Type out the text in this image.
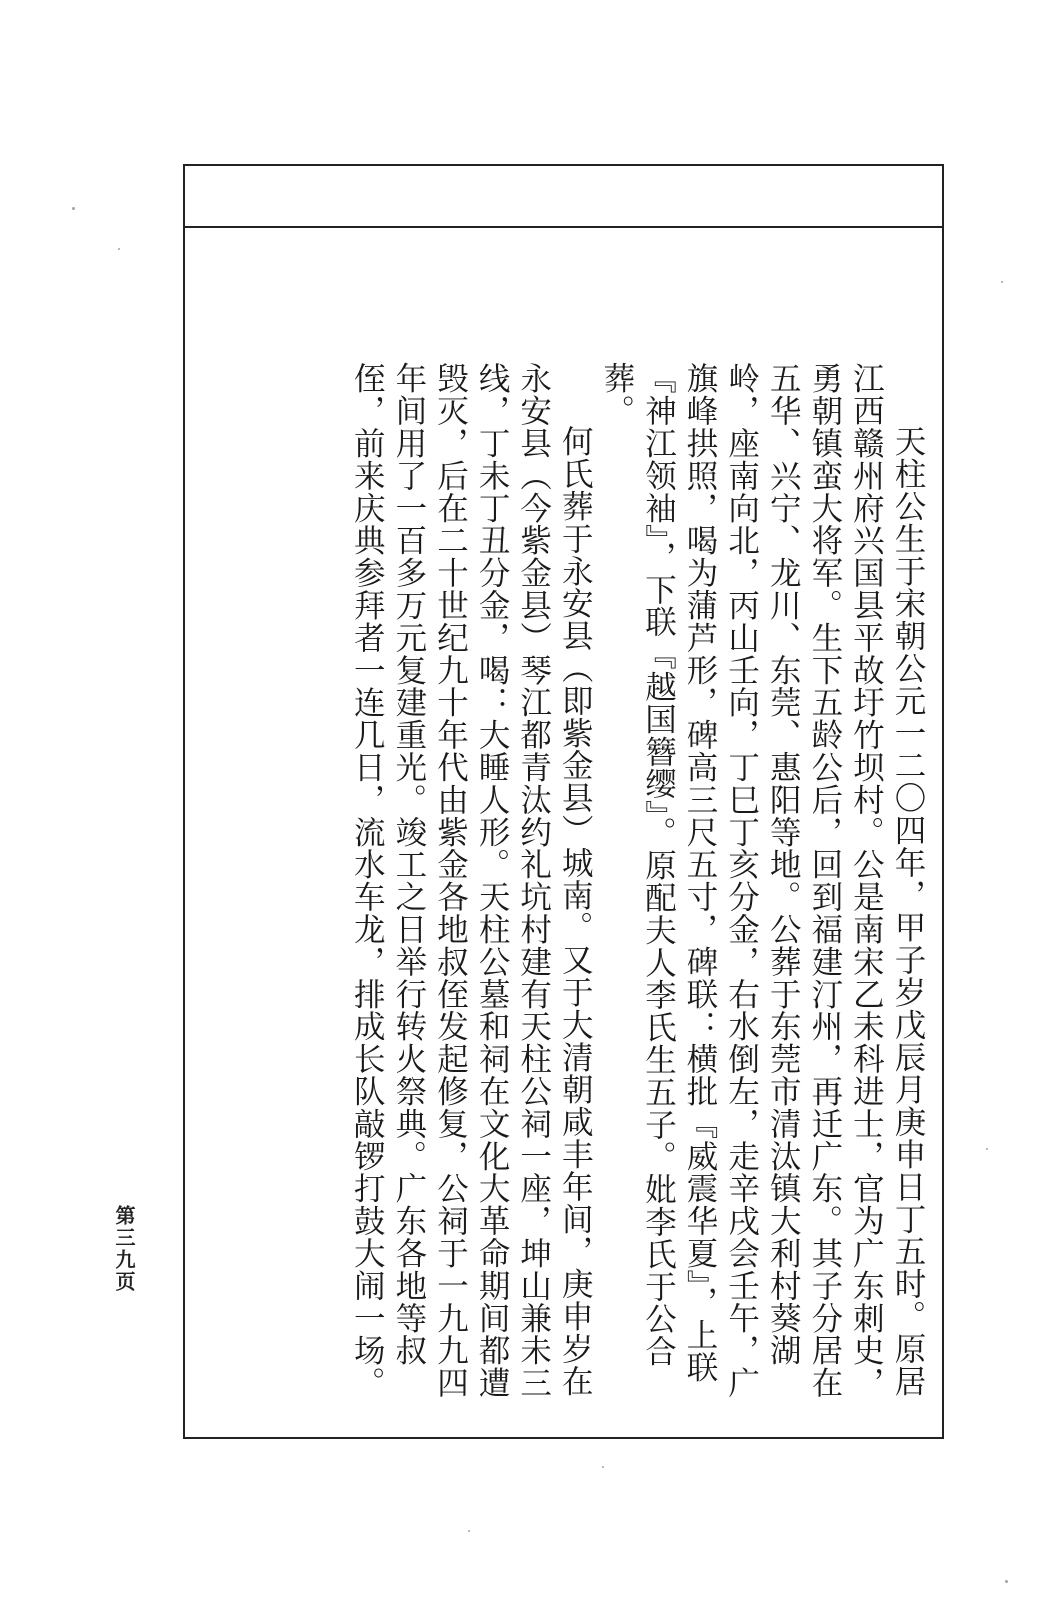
天柱公生于宋朝公元一二〇四年，甲子岁戊辰月庚申日丁五时。原居江西赣州府兴国县平故圩竹坝村。公是南宋乙未科进士，官为广东刺史，勇朝镇蛮大将军。生下五龄公后，回到福建汀州，再迁广东。其子分居在五华、兴宁、龙川、东莞、惠阳等地。公葬于东莞市清汰镇大利村葵湖岭，座南向北，丙山壬向，丁巳丁亥分金，右水倒左，走辛戌会壬午，广旗峰拱照，喝为蒲芦形，碑高三尺五寸，碑联：横批『威震华夏』，上联『神江领袖』，下联『越国簪缨』。原配夫人李氏生五子。妣李氏于公合葬。

何氏葬于永安县（即紫金县）城南。又于大清朝咸丰年间，庚申岁在永安县（今紫金县）琴江都青汰约礼坑村建有天柱公祠一座，坤山兼未三线，丁未丁丑分金，喝：大睡人形。天柱公墓和祠在文化大革命期间都遭毁灭，后在二十世纪九十年代由紫金各地叔侄发起修复，公祠于一九九四年间用了一百多万元复建重光。竣工之日举行转火祭典。广东各地等叔侄，前来庆典参拜者一连几日，流水车龙，排成长队敲锣打鼓大闹一场。

第三九页
